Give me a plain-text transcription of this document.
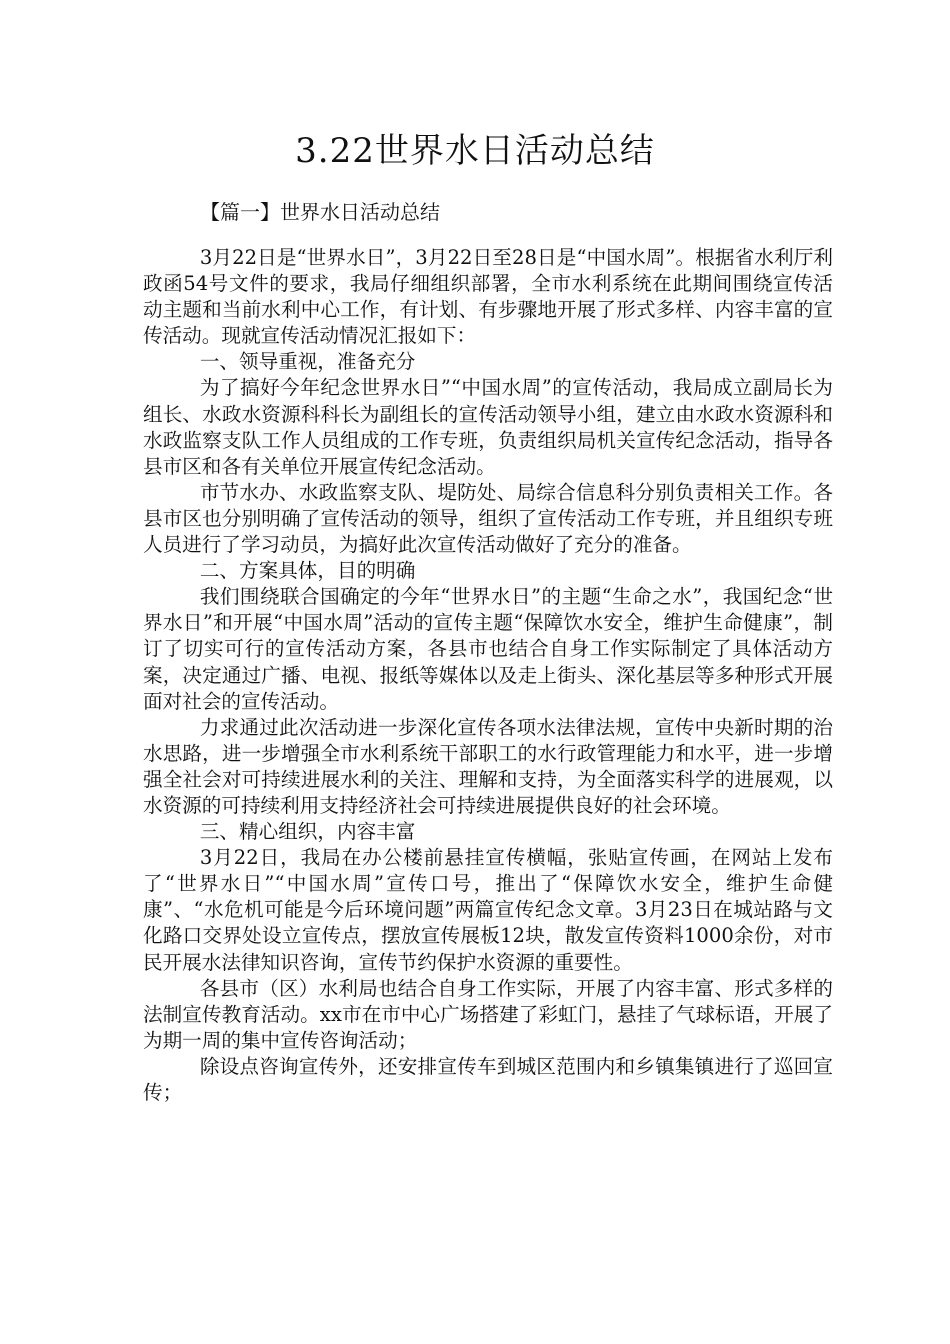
3.22世界水日活动总结
【篇一】世界水日活动总结

3月22日是“世界水日”，3月22日至28日是“中国水周”。根据省水利厅利政函54号文件的要求，我局仔细组织部署，全市水利系统在此期间围绕宣传活动主题和当前水利中心工作，有计划、有步骤地开展了形式多样、内容丰富的宣传活动。现就宣传活动情况汇报如下：

一、领导重视，准备充分

为了搞好今年纪念世界水日”“中国水周”的宣传活动，我局成立副局长为组长、水政水资源科科长为副组长的宣传活动领导小组，建立由水政水资源科和水政监察支队工作人员组成的工作专班，负责组织局机关宣传纪念活动，指导各县市区和各有关单位开展宣传纪念活动。

市节水办、水政监察支队、堤防处、局综合信息科分别负责相关工作。各县市区也分别明确了宣传活动的领导，组织了宣传活动工作专班，并且组织专班人员进行了学习动员，为搞好此次宣传活动做好了充分的准备。

二、方案具体，目的明确

我们围绕联合国确定的今年“世界水日”的主题“生命之水”，我国纪念“世界水日”和开展“中国水周”活动的宣传主题“保障饮水安全，维护生命健康”，制订了切实可行的宣传活动方案，各县市也结合自身工作实际制定了具体活动方案，决定通过广播、电视、报纸等媒体以及走上街头、深化基层等多种形式开展面对社会的宣传活动。

力求通过此次活动进一步深化宣传各项水法律法规，宣传中央新时期的治水思路，进一步增强全市水利系统干部职工的水行政管理能力和水平，进一步增强全社会对可持续进展水利的关注、理解和支持，为全面落实科学的进展观，以水资源的可持续利用支持经济社会可持续进展提供良好的社会环境。

三、精心组织，内容丰富

3月22日，我局在办公楼前悬挂宣传横幅，张贴宣传画，在网站上发布了“世界水日”“中国水周”宣传口号，推出了“保障饮水安全，维护生命健康”、“水危机可能是今后环境问题”两篇宣传纪念文章。3月23日在城站路与文化路口交界处设立宣传点，摆放宣传展板12块，散发宣传资料1000余份，对市民开展水法律知识咨询，宣传节约保护水资源的重要性。

各县市（区）水利局也结合自身工作实际，开展了内容丰富、形式多样的法制宣传教育活动。xx市在市中心广场搭建了彩虹门，悬挂了气球标语，开展了为期一周的集中宣传咨询活动；

除设点咨询宣传外，还安排宣传车到城区范围内和乡镇集镇进行了巡回宣传；
